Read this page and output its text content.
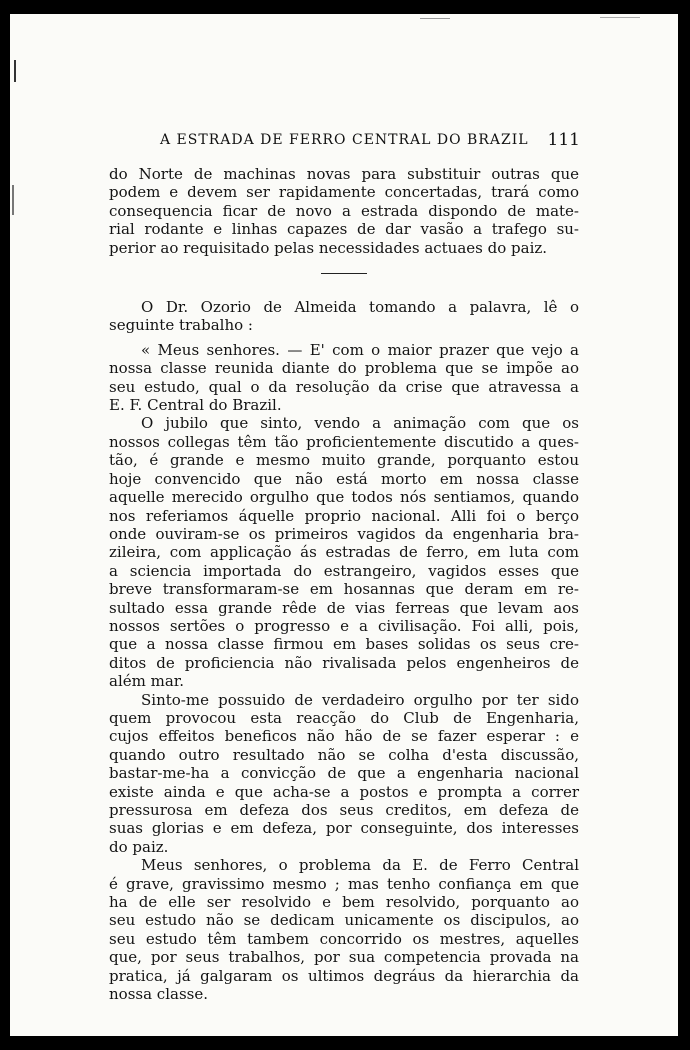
A ESTRADA DE FERRO CENTRAL DO BRAZIL 111
do Norte de machinas novas para substituir outras que
podem e devem ser rapidamente concertadas, trará como
consequencia ficar de novo a estrada dispondo de mate-
rial rodante e linhas capazes de dar vasão a trafego su-
perior ao requisitado pelas necessidades actuaes do paiz.
O Dr. Ozorio de Almeida tomando a palavra, lê o
seguinte trabalho :
« Meus senhores. — E' com o maior prazer que vejo a
nossa classe reunida diante do problema que se impõe ao
seu estudo, qual o da resolução da crise que atravessa a
E. F. Central do Brazil.
O jubilo que sinto, vendo a animação com que os
nossos collegas têm tão proficientemente discutido a ques-
tão, é grande e mesmo muito grande, porquanto estou
hoje convencido que não está morto em nossa classe
aquelle merecido orgulho que todos nós sentiamos, quando
nos referiamos áquelle proprio nacional. Alli foi o berço
onde ouviram-se os primeiros vagidos da engenharia bra-
zileira, com applicação ás estradas de ferro, em luta com
a sciencia importada do estrangeiro, vagidos esses que
breve transformaram-se em hosannas que deram em re-
sultado essa grande rêde de vias ferreas que levam aos
nossos sertões o progresso e a civilisação. Foi alli, pois,
que a nossa classe firmou em bases solidas os seus cre-
ditos de proficiencia não rivalisada pelos engenheiros de
além mar.
Sinto-me possuido de verdadeiro orgulho por ter sido
quem provocou esta reacção do Club de Engenharia,
cujos effeitos beneficos não hão de se fazer esperar : e
quando outro resultado não se colha d'esta discussão,
bastar-me-ha a convicção de que a engenharia nacional
existe ainda e que acha-se a postos e prompta a correr
pressurosa em defeza dos seus creditos, em defeza de
suas glorias e em defeza, por conseguinte, dos interesses
do paiz.
Meus senhores, o problema da E. de Ferro Central
é grave, gravissimo mesmo ; mas tenho confiança em que
ha de elle ser resolvido e bem resolvido, porquanto ao
seu estudo não se dedicam unicamente os discipulos, ao
seu estudo têm tambem concorrido os mestres, aquelles
que, por seus trabalhos, por sua competencia provada na
pratica, já galgaram os ultimos degráus da hierarchia da
nossa classe.
